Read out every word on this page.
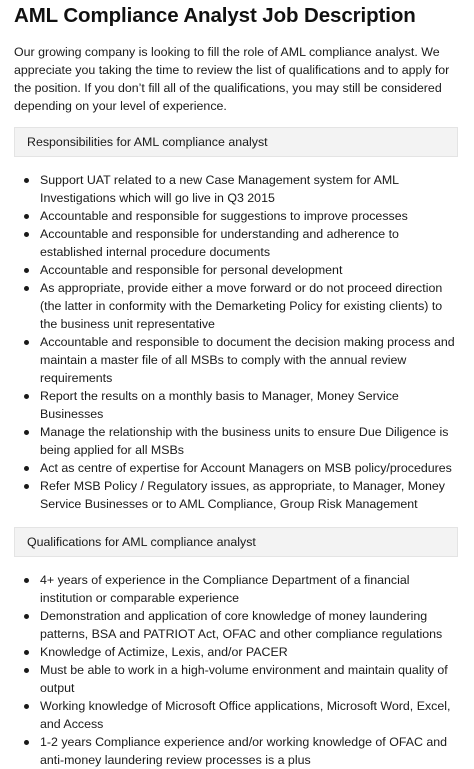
AML Compliance Analyst Job Description

Our growing company is looking to fill the role of AML compliance analyst. We appreciate you taking the time to review the list of qualifications and to apply for the position. If you don’t fill all of the qualifications, you may still be considered depending on your level of experience.

Responsibilities for AML compliance analyst
Support UAT related to a new Case Management system for AML Investigations which will go live in Q3 2015
Accountable and responsible for suggestions to improve processes
Accountable and responsible for understanding and adherence to established internal procedure documents
Accountable and responsible for personal development
As appropriate, provide either a move forward or do not proceed direction (the latter in conformity with the Demarketing Policy for existing clients) to the business unit representative
Accountable and responsible to document the decision making process and maintain a master file of all MSBs to comply with the annual review requirements
Report the results on a monthly basis to Manager, Money Service Businesses
Manage the relationship with the business units to ensure Due Diligence is being applied for all MSBs
Act as centre of expertise for Account Managers on MSB policy/procedures
Refer MSB Policy / Regulatory issues, as appropriate, to Manager, Money Service Businesses or to AML Compliance, Group Risk Management
Qualifications for AML compliance analyst
4+ years of experience in the Compliance Department of a financial institution or comparable experience
Demonstration and application of core knowledge of money laundering patterns, BSA and PATRIOT Act, OFAC and other compliance regulations
Knowledge of Actimize, Lexis, and/or PACER
Must be able to work in a high-volume environment and maintain quality of output
Working knowledge of Microsoft Office applications, Microsoft Word, Excel, and Access
1-2 years Compliance experience and/or working knowledge of OFAC and anti-money laundering review processes is a plus
